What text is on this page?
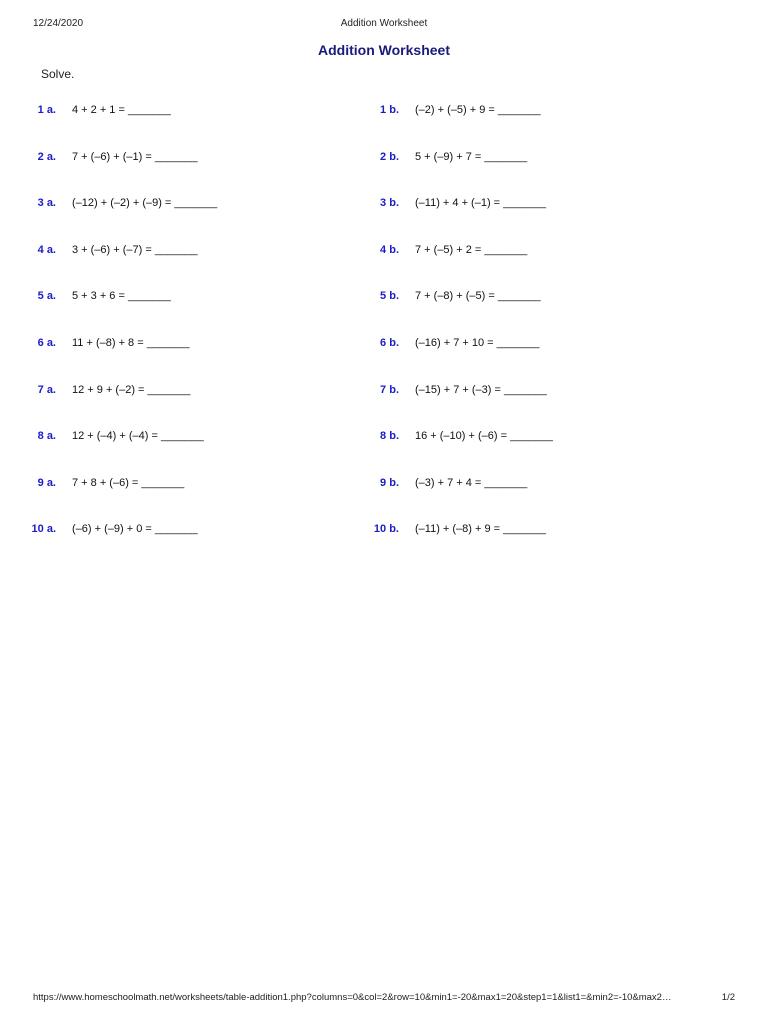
12/24/2020	Addition Worksheet
Addition Worksheet
Solve.
1 a. 4 + 2 + 1 = _______	1 b. (–2) + (–5) + 9 = _______
2 a. 7 + (–6) + (–1) = _______	2 b. 5 + (–9) + 7 = _______
3 a. (–12) + (–2) + (–9) = _______	3 b. (–11) + 4 + (–1) = _______
4 a. 3 + (–6) + (–7) = _______	4 b. 7 + (–5) + 2 = _______
5 a. 5 + 3 + 6 = _______	5 b. 7 + (–8) + (–5) = _______
6 a. 11 + (–8) + 8 = _______	6 b. (–16) + 7 + 10 = _______
7 a. 12 + 9 + (–2) = _______	7 b. (–15) + 7 + (–3) = _______
8 a. 12 + (–4) + (–4) = _______	8 b. 16 + (–10) + (–6) = _______
9 a. 7 + 8 + (–6) = _______	9 b. (–3) + 7 + 4 = _______
10 a. (–6) + (–9) + 0 = _______	10 b. (–11) + (–8) + 9 = _______
https://www.homeschoolmath.net/worksheets/table-addition1.php?columns=0&col=2&row=10&min1=-20&max1=20&step1=1&list1=&min2=-10&max2…	1/2
